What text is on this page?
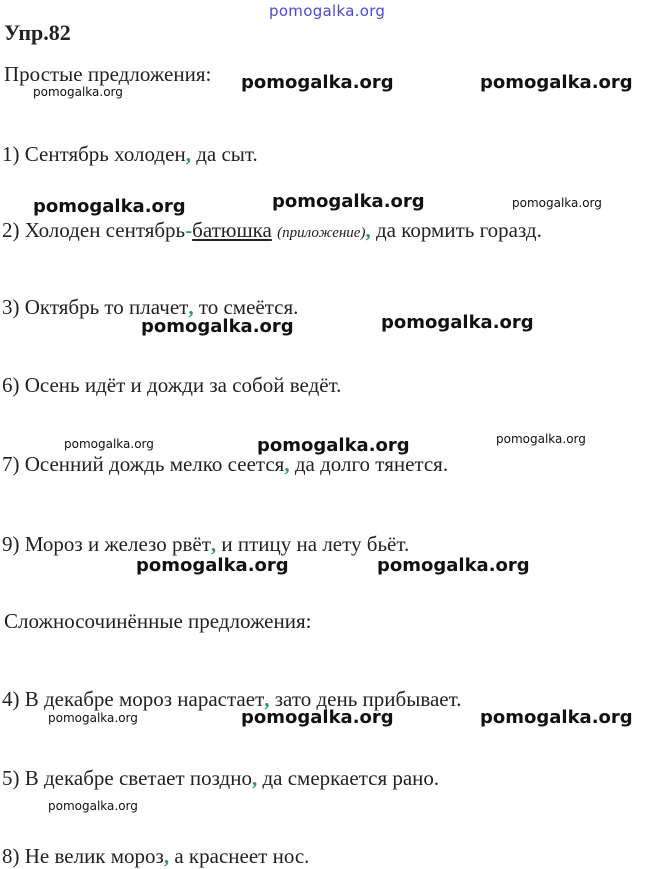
pomogalka.org
Упр.82
Простые предложения: pomogalka.org	pomogalka.org
pomogalka.org
1) Сентябрь холоден, да сыт.
pomogalka.org	pomogalka.org	pomogalka.org
2) Холоден сентябрь-батюшка (приложение), да кормить горазд.
3) Октябрь то плачет, то смеётся.
pomogalka.org	pomogalka.org
6) Осень идёт и дожди за собой ведёт.
pomogalka.org	pomogalka.org	pomogalka.org
7) Осенний дождь мелко сеется, да долго тянется.
9) Мороз и железо рвёт, и птицу на лету бьёт.
pomogalka.org	pomogalka.org
Сложносочинённые предложения:
4) В декабре мороз нарастает, зато день прибывает.
pomogalka.org	pomogalka.org	pomogalka.org
5) В декабре светает поздно, да смеркается рано.
pomogalka.org
8) Не велик мороз, а краснеет нос.
